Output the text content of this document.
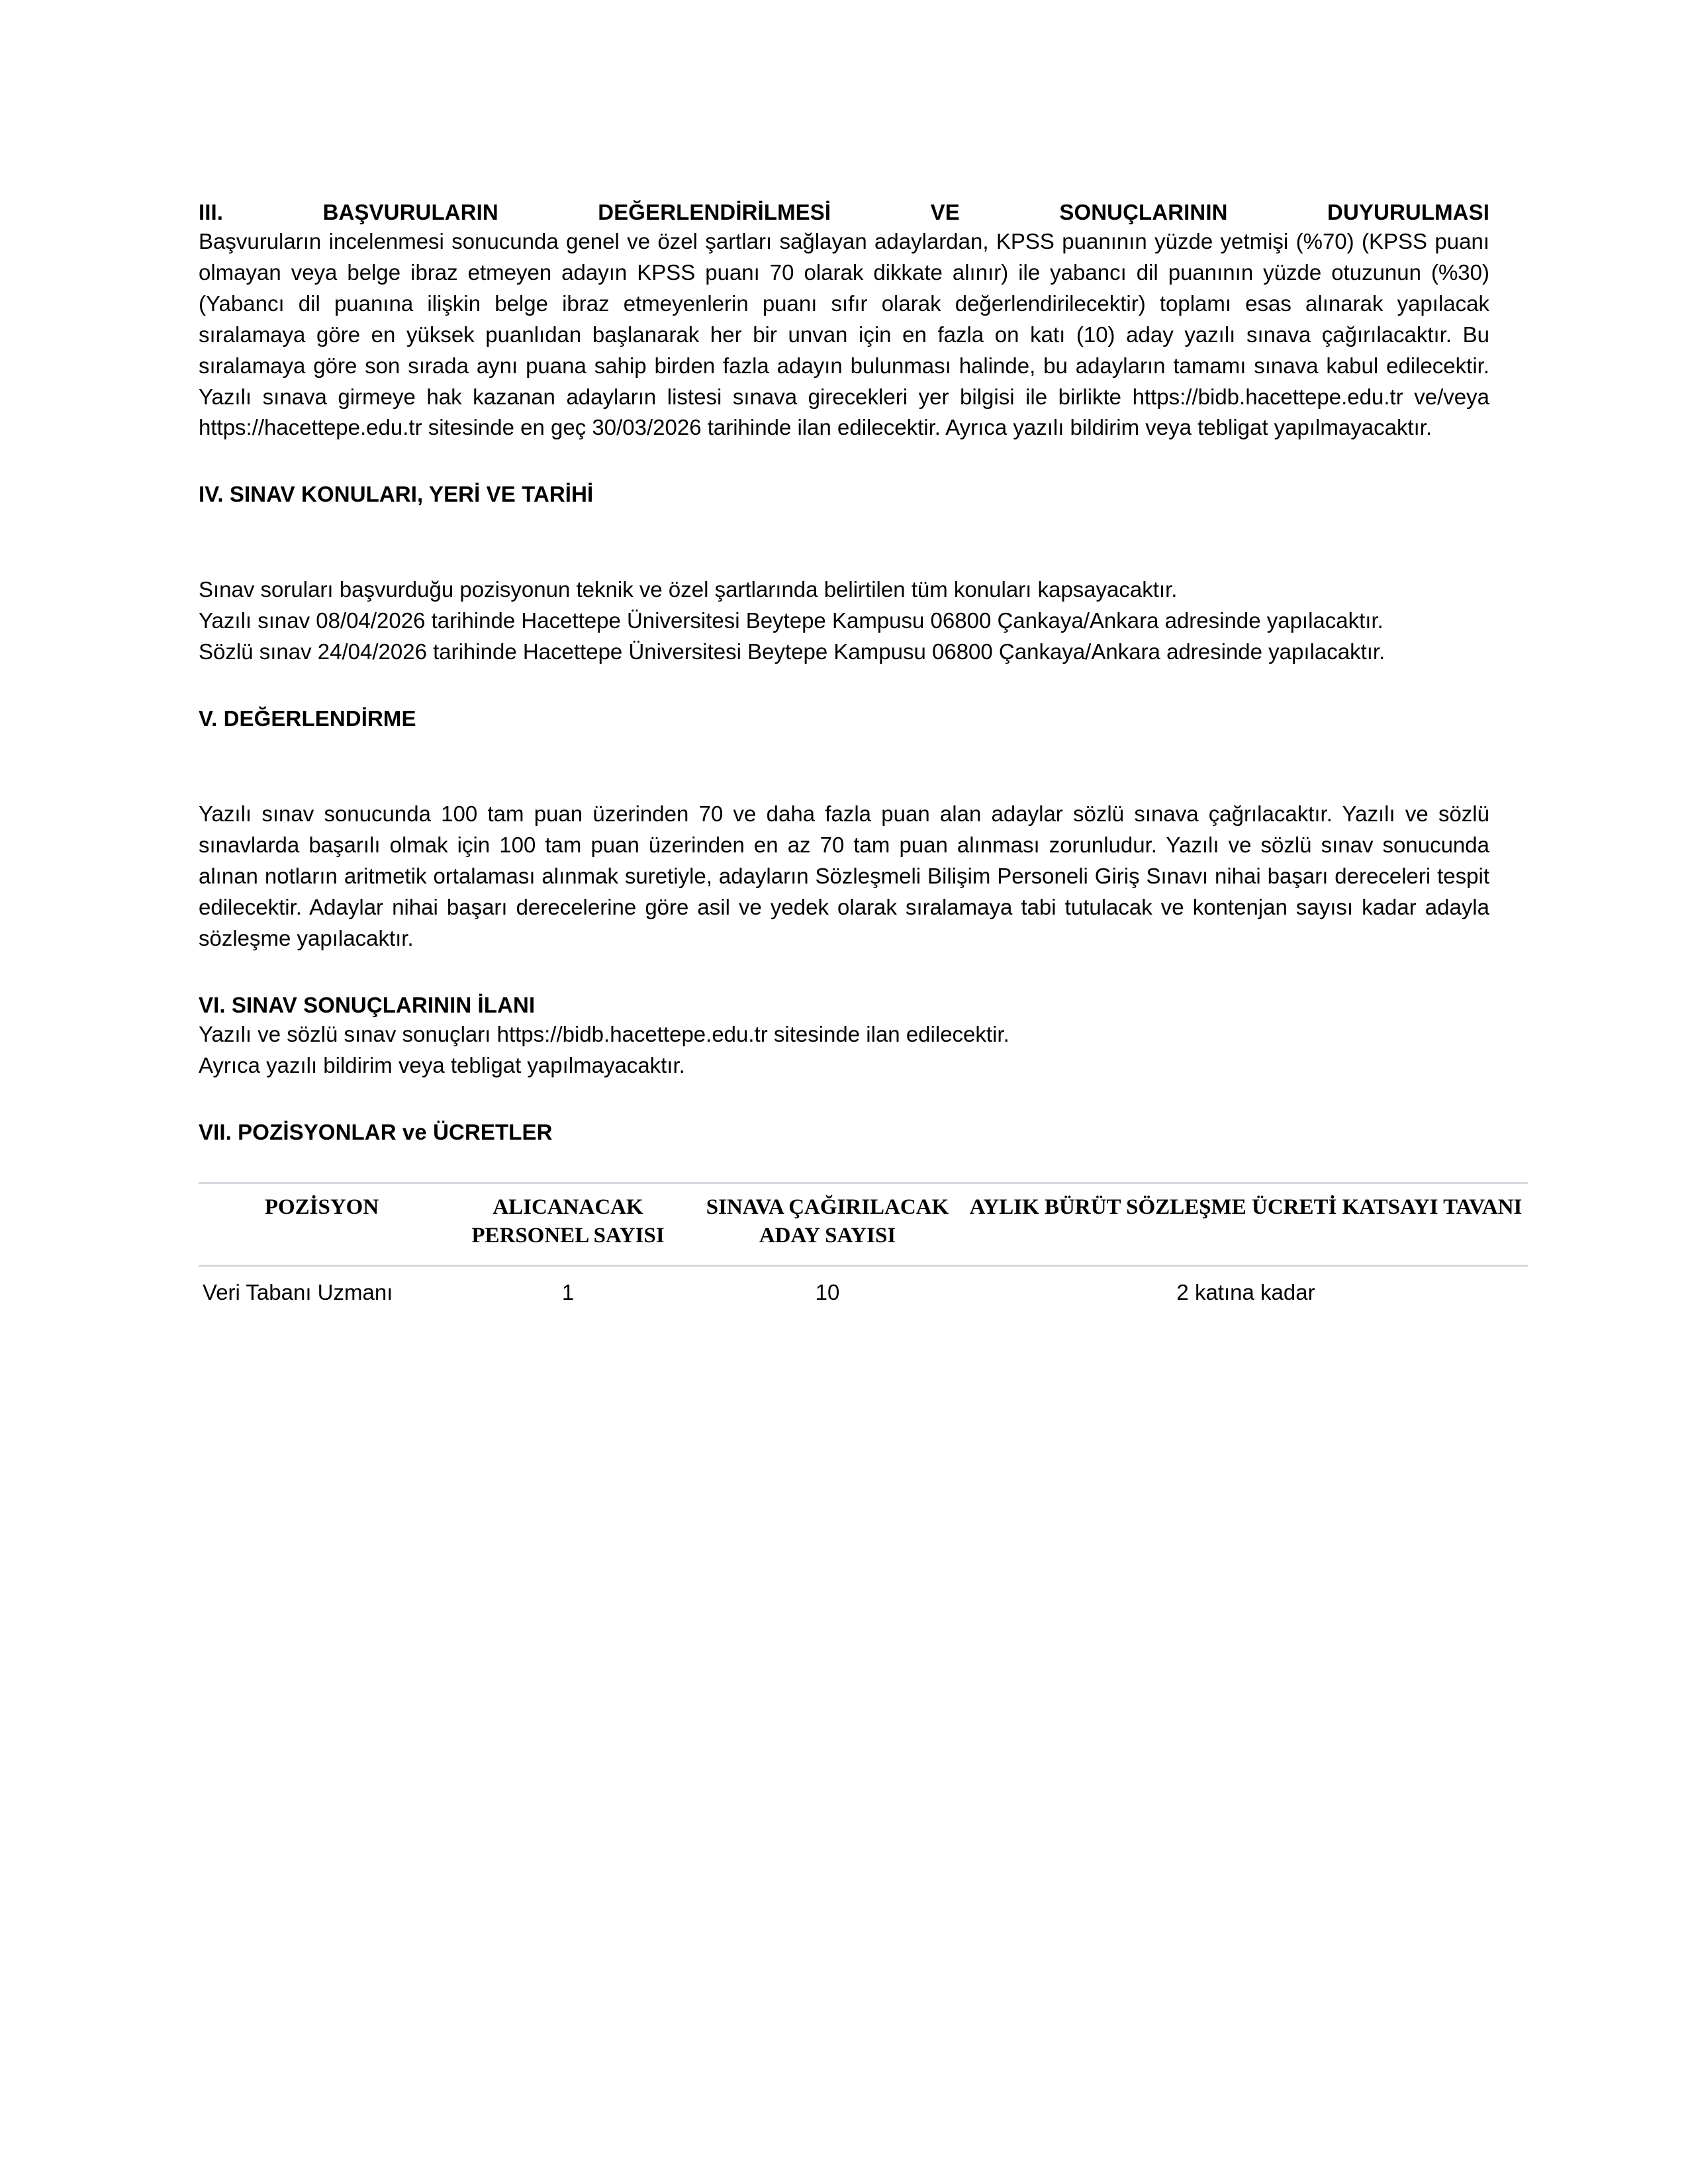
III. BAŞVURULARIN DEĞERLENDİRİLMESİ VE SONUÇLARININ DUYURULMASI
Başvuruların incelenmesi sonucunda genel ve özel şartları sağlayan adaylardan, KPSS puanının yüzde yetmişi (%70) (KPSS puanı olmayan veya belge ibraz etmeyen adayın KPSS puanı 70 olarak dikkate alınır) ile yabancı dil puanının yüzde otuzunun (%30) (Yabancı dil puanına ilişkin belge ibraz etmeyenlerin puanı sıfır olarak değerlendirilecektir) toplamı esas alınarak yapılacak sıralamaya göre en yüksek puanlıdan başlanarak her bir unvan için en fazla on katı (10) aday yazılı sınava çağırılacaktır. Bu sıralamaya göre son sırada aynı puana sahip birden fazla adayın bulunması halinde, bu adayların tamamı sınava kabul edilecektir. Yazılı sınava girmeye hak kazanan adayların listesi sınava girecekleri yer bilgisi ile birlikte https://bidb.hacettepe.edu.tr ve/veya https://hacettepe.edu.tr sitesinde en geç 30/03/2026 tarihinde ilan edilecektir. Ayrıca yazılı bildirim veya tebligat yapılmayacaktır.
IV. SINAV KONULARI, YERİ VE TARİHİ
Sınav soruları başvurduğu pozisyonun teknik ve özel şartlarında belirtilen tüm konuları kapsayacaktır.
Yazılı sınav 08/04/2026 tarihinde Hacettepe Üniversitesi Beytepe Kampusu 06800 Çankaya/Ankara adresinde yapılacaktır.
Sözlü sınav 24/04/2026 tarihinde Hacettepe Üniversitesi Beytepe Kampusu 06800 Çankaya/Ankara adresinde yapılacaktır.
V. DEĞERLENDİRME
Yazılı sınav sonucunda 100 tam puan üzerinden 70 ve daha fazla puan alan adaylar sözlü sınava çağrılacaktır. Yazılı ve sözlü sınavlarda başarılı olmak için 100 tam puan üzerinden en az 70 tam puan alınması zorunludur. Yazılı ve sözlü sınav sonucunda alınan notların aritmetik ortalaması alınmak suretiyle, adayların Sözleşmeli Bilişim Personeli Giriş Sınavı nihai başarı dereceleri tespit edilecektir. Adaylar nihai başarı derecelerine göre asil ve yedek olarak sıralamaya tabi tutulacak ve kontenjan sayısı kadar adayla sözleşme yapılacaktır.
VI. SINAV SONUÇLARININ İLANI
Yazılı ve sözlü sınav sonuçları https://bidb.hacettepe.edu.tr sitesinde ilan edilecektir.
Ayrıca yazılı bildirim veya tebligat yapılmayacaktır.
VII. POZİSYONLAR ve ÜCRETLER
POZİSYON	ALICANACAK PERSONEL SAYISI	SINAVA ÇAĞIRILACAK ADAY SAYISI	AYLIK BÜRÜT SÖZLEŞME ÜCRETİ KATSAYI TAVANI
Veri Tabanı Uzmanı	1	10	2 katına kadar
